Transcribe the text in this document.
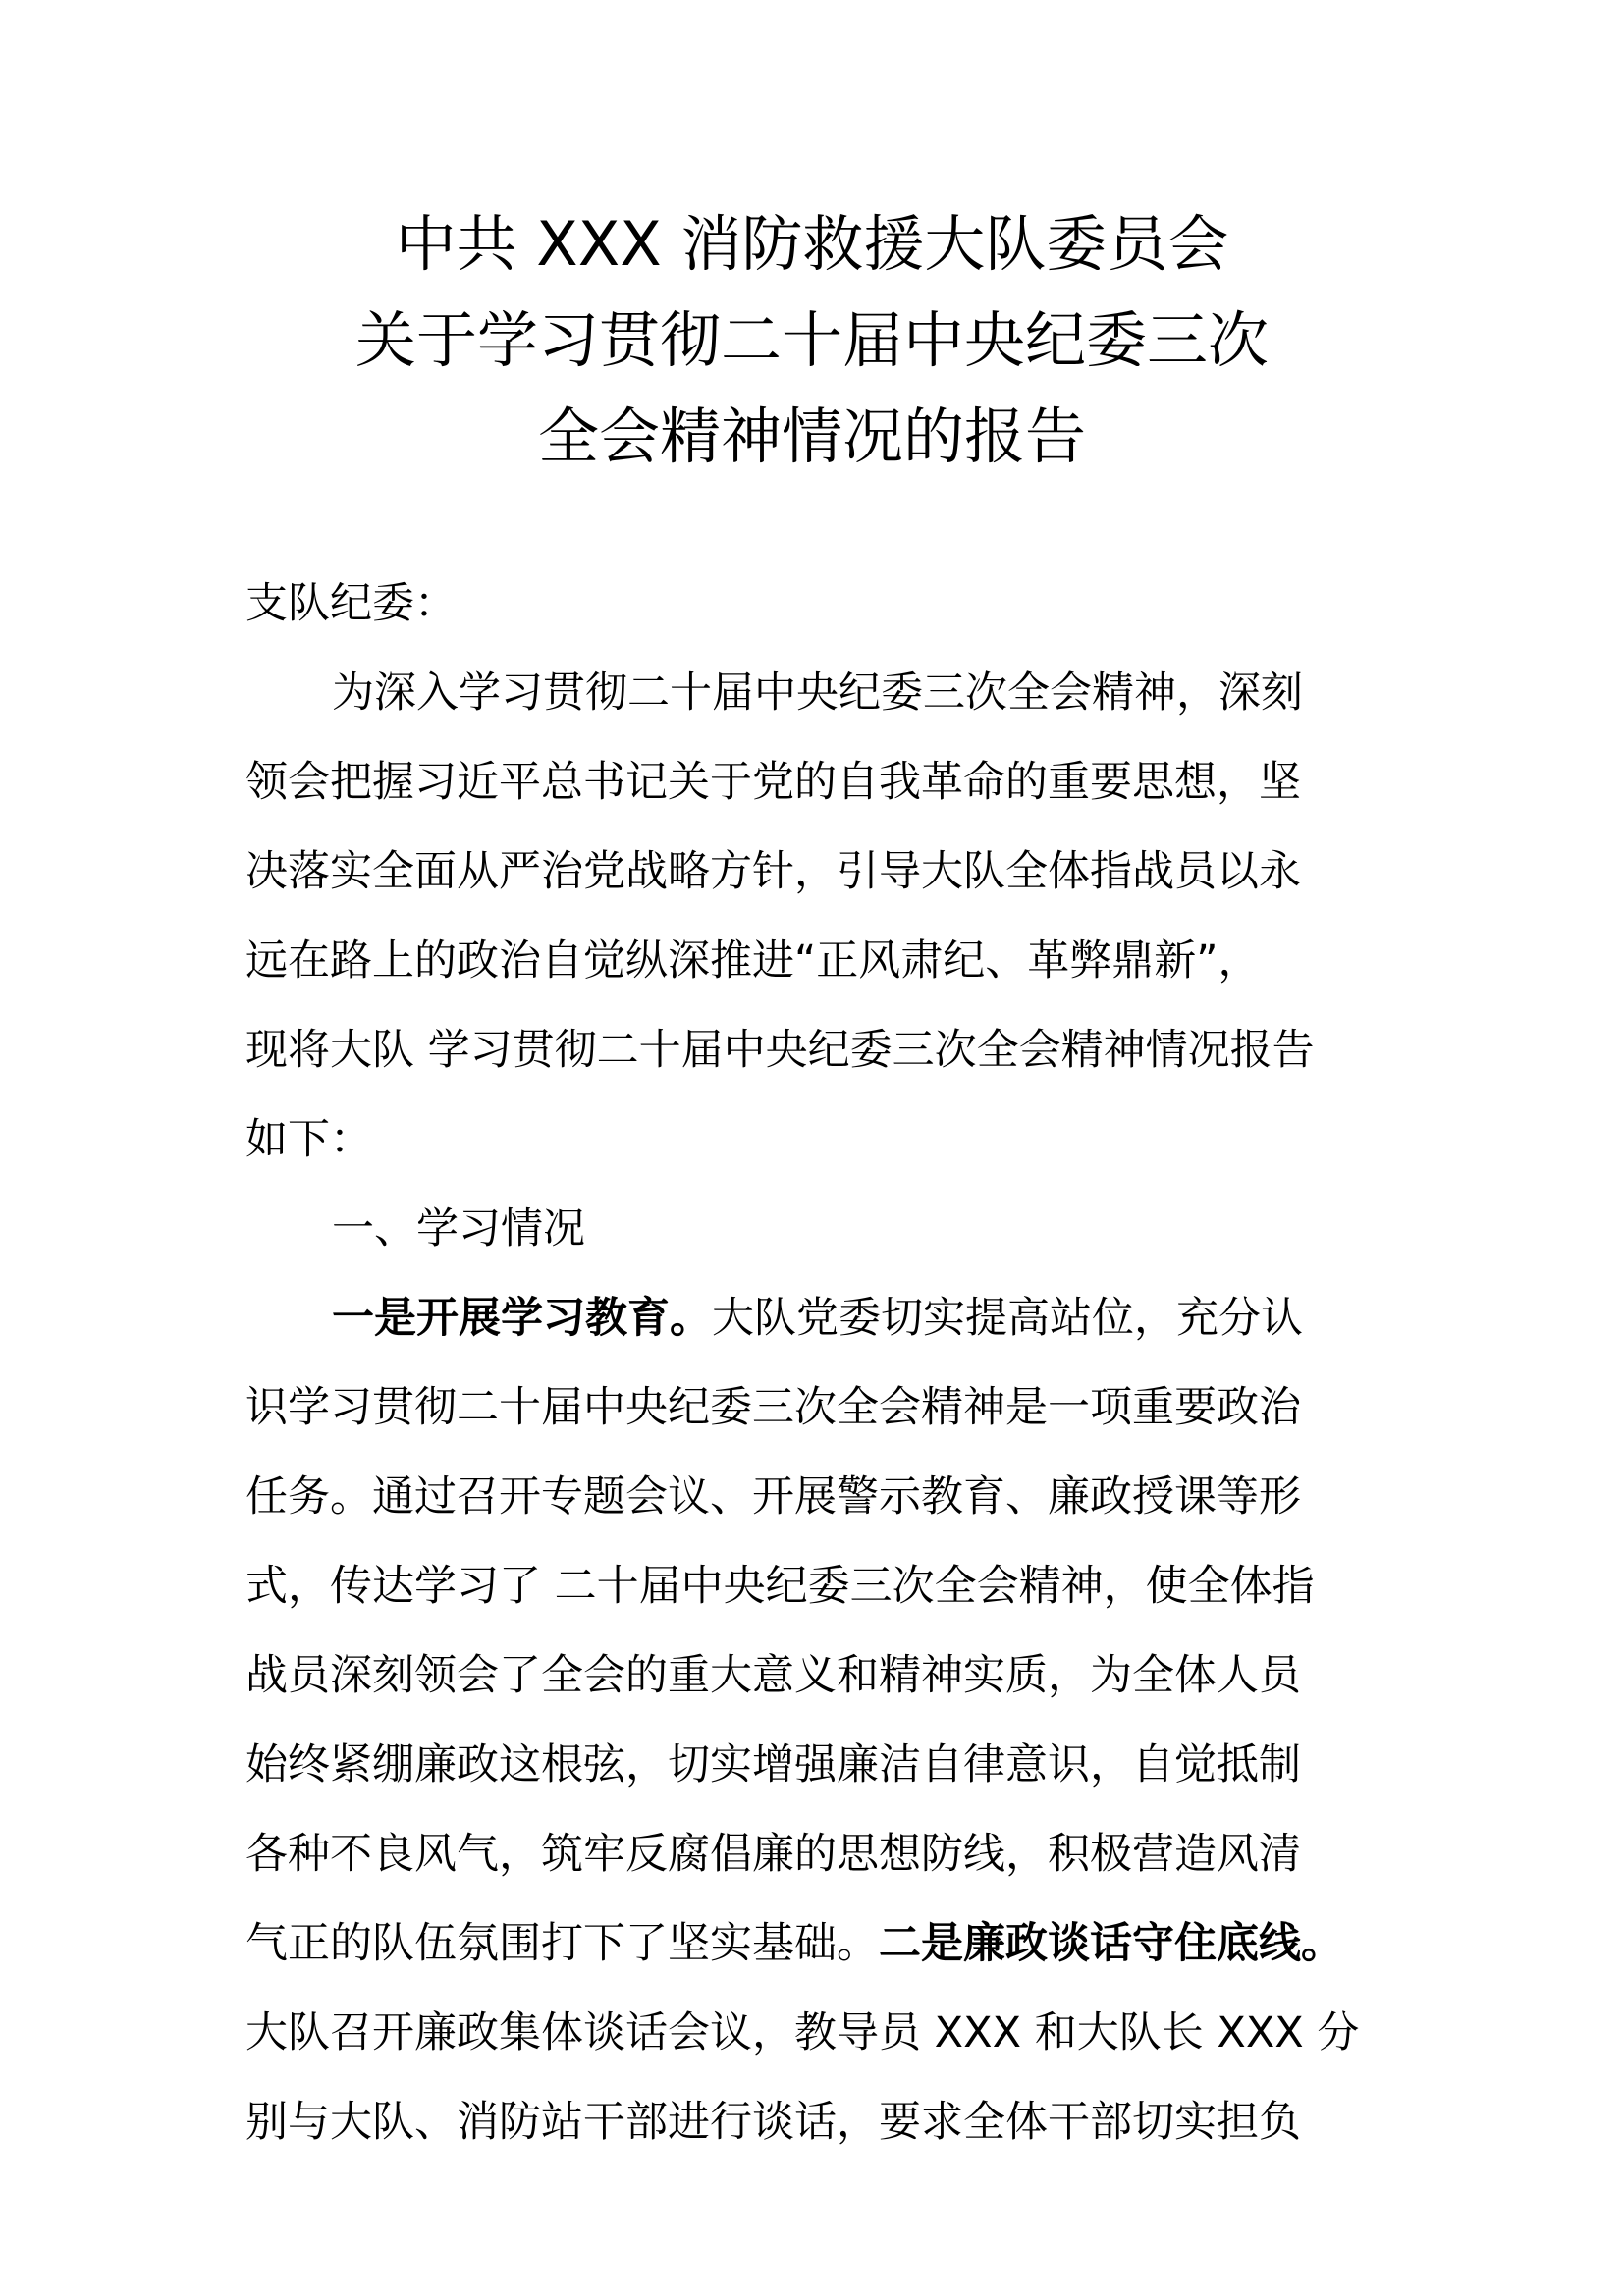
中共 XXX 消防救援大队委员会
关于学习贯彻二十届中央纪委三次
全会精神情况的报告
支队纪委：
为深入学习贯彻二十届中央纪委三次全会精神，深刻
领会把握习近平总书记关于党的自我革命的重要思想，坚
决落实全面从严治党战略方针，引导大队全体指战员以永
远在路上的政治自觉纵深推进“正风肃纪、革弊鼎新”，
现将大队 学习贯彻二十届中央纪委三次全会精神情况报告
如下：
一、学习情况
一是开展学习教育。大队党委切实提高站位，充分认
识学习贯彻二十届中央纪委三次全会精神是一项重要政治
任务。通过召开专题会议、开展警示教育、廉政授课等形
式，传达学习了 二十届中央纪委三次全会精神，使全体指
战员深刻领会了全会的重大意义和精神实质，为全体人员
始终紧绷廉政这根弦，切实增强廉洁自律意识，自觉抵制
各种不良风气，筑牢反腐倡廉的思想防线，积极营造风清
气正的队伍氛围打下了坚实基础。二是廉政谈话守住底线。
大队召开廉政集体谈话会议，教导员 XXX 和大队长 XXX 分
别与大队、消防站干部进行谈话，要求全体干部切实担负
